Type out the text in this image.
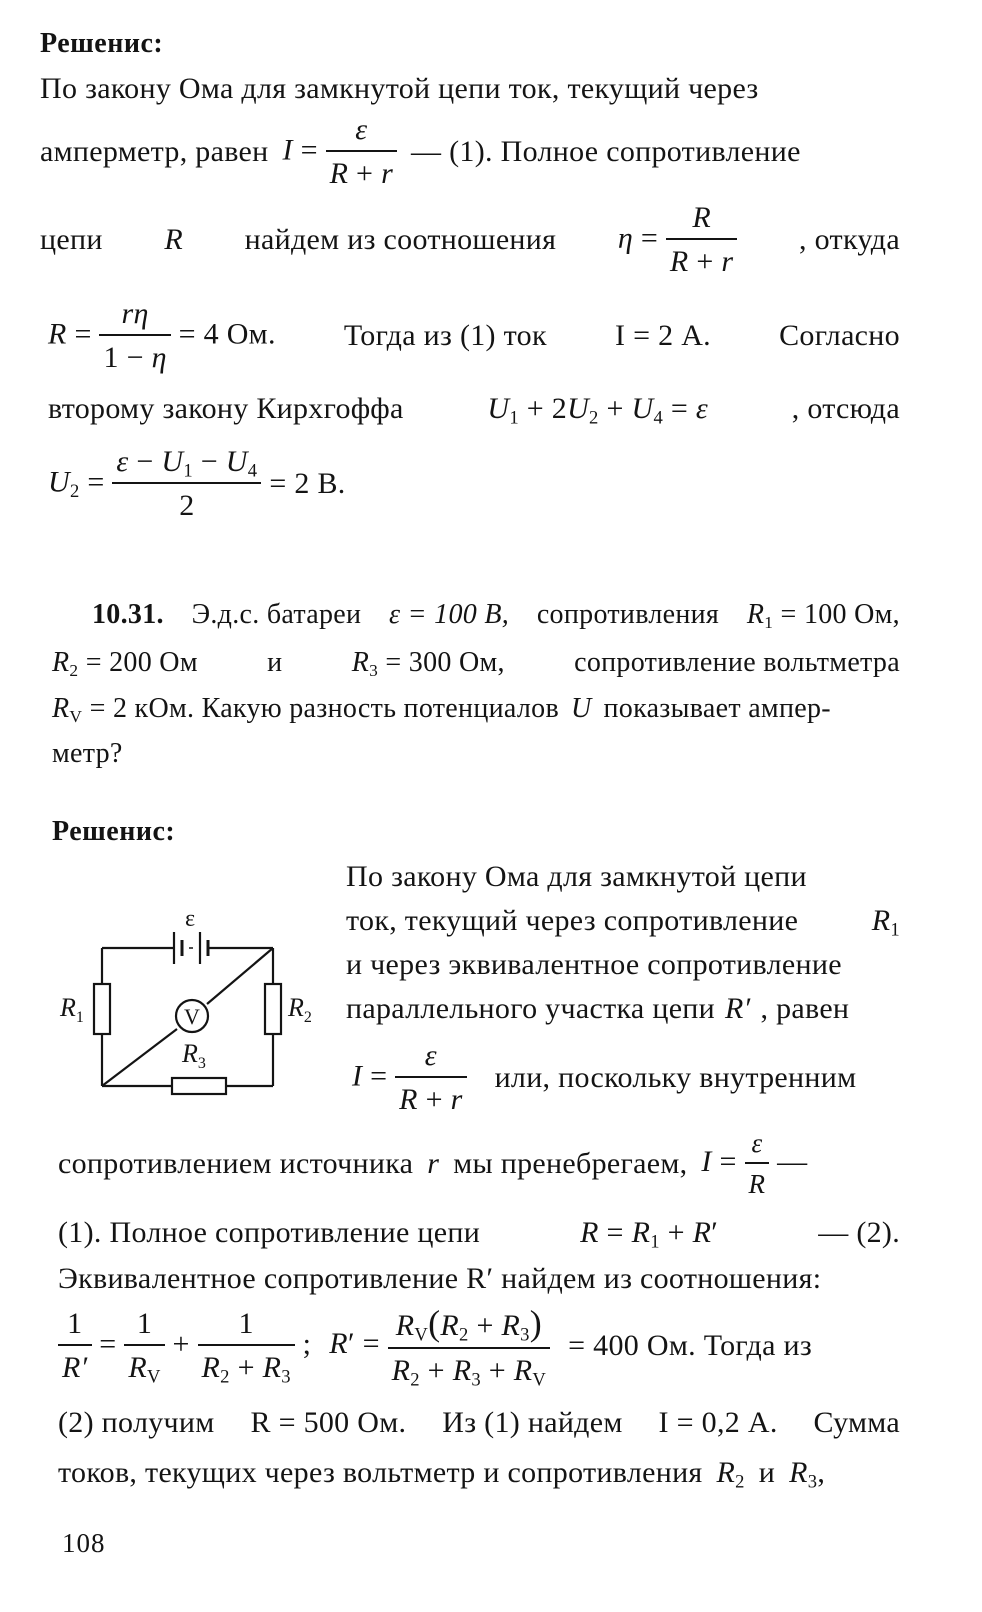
Решенис:
По закону Ома для замкнутой цепи ток, текущий через
амперметр, равен $I = \frac{\varepsilon}{R + r}$ — (1). Полное сопротивление
цепи R найдем из соотношения $\eta = \frac{R}{R + r}$ , откуда
$R = \frac{r\eta}{1 - \eta} = 4$ Ом. Тогда из (1) ток I = 2 А. Согласно
второму закону Кирхгоффа	$U_1 + 2U_2 + U_4 = \varepsilon$	, отсюда
$U_2 = \frac{\varepsilon - U_1 - U_4}{2} = 2$ В.
10.31. Э.д.с. батареи ε = 100 В, сопротивления $R_1 = 100$ Ом,
$R_2 = 200$ Ом и $R_3 = 300$ Ом, сопротивление вольтметра
$R_V = 2$ кОм. Какую разность потенциалов U показывает ампер-
метр?
Решенис:
ε
V
$R_1$	$R_2$
$R_3$
По закону Ома для замкнутой цепи
ток, текущий через сопротивление $R_1$
и через эквивалентное сопротивление
параллельного участка цепи R′ , равен
$I = \frac{\varepsilon}{R + r}$ или, поскольку внутренним
сопротивлением источника r мы пренебрегаем, $I = \frac{\varepsilon}{R}$ —
(1). Полное сопротивление цепи	$R = R_1 + R'$	— (2).
Эквивалентное сопротивление R′ найдем из соотношения:
$\frac{1}{R'} = \frac{1}{R_V} + \frac{1}{R_2 + R_3}$ ; $R' = \frac{R_V(R_2 + R_3)}{R_2 + R_3 + R_V} = 400$ Ом. Тогда из
(2) получим R = 500 Ом. Из (1) найдем I = 0,2 А. Сумма
токов, текущих через вольтметр и сопротивления $R_2$ и $R_3$,
108
